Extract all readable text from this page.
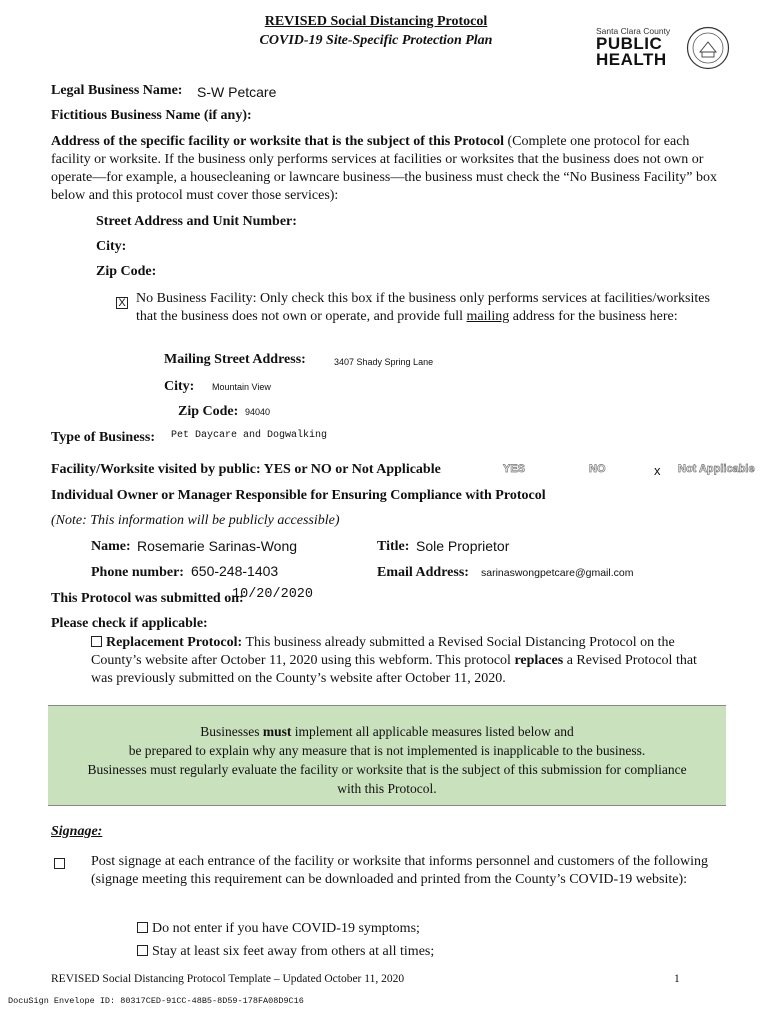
REVISED Social Distancing Protocol
COVID-19 Site-Specific Protection Plan
Santa Clara County
PUBLIC
HEALTH
Legal Business Name: S-W Petcare
Fictitious Business Name (if any):
Address of the specific facility or worksite that is the subject of this Protocol (Complete one protocol for each facility or worksite. If the business only performs services at facilities or worksites that the business does not own or operate—for example, a housecleaning or lawncare business—the business must check the “No Business Facility” box below and this protocol must cover those services):
Street Address and Unit Number:
City:
Zip Code:
X No Business Facility: Only check this box if the business only performs services at facilities/worksites that the business does not own or operate, and provide full mailing address for the business here:
Mailing Street Address:	3407 Shady Spring Lane
City: Mountain View
Zip Code: 94040
Type of Business: Pet Daycare and Dogwalking
Facility/Worksite visited by public: YES or NO or Not Applicable	YES	NO	x Not Applicable
Individual Owner or Manager Responsible for Ensuring Compliance with Protocol
(Note: This information will be publicly accessible)
Name: Rosemarie Sarinas-Wong	Title: Sole Proprietor
Phone number: 650-248-1403	Email Address: sarinaswongpetcare@gmail.com
This Protocol was submitted on:
10/20/2020
Please check if applicable:
Replacement Protocol: This business already submitted a Revised Social Distancing Protocol on the County’s website after October 11, 2020 using this webform. This protocol replaces a Revised Protocol that was previously submitted on the County’s website after October 11, 2020.

Businesses must implement all applicable measures listed below and

be prepared to explain why any measure that is not implemented is inapplicable to the business.

Businesses must regularly evaluate the facility or worksite that is the subject of this submission for compliance

with this Protocol.

Signage:
Post signage at each entrance of the facility or worksite that informs personnel and customers of the following (signage meeting this requirement can be downloaded and printed from the County’s COVID-19 website):
Do not enter if you have COVID-19 symptoms;
Stay at least six feet away from others at all times;
REVISED Social Distancing Protocol Template – Updated October 11, 2020	1
DocuSign Envelope ID: 80317CED-91CC-48B5-8D59-178FA08D9C16
